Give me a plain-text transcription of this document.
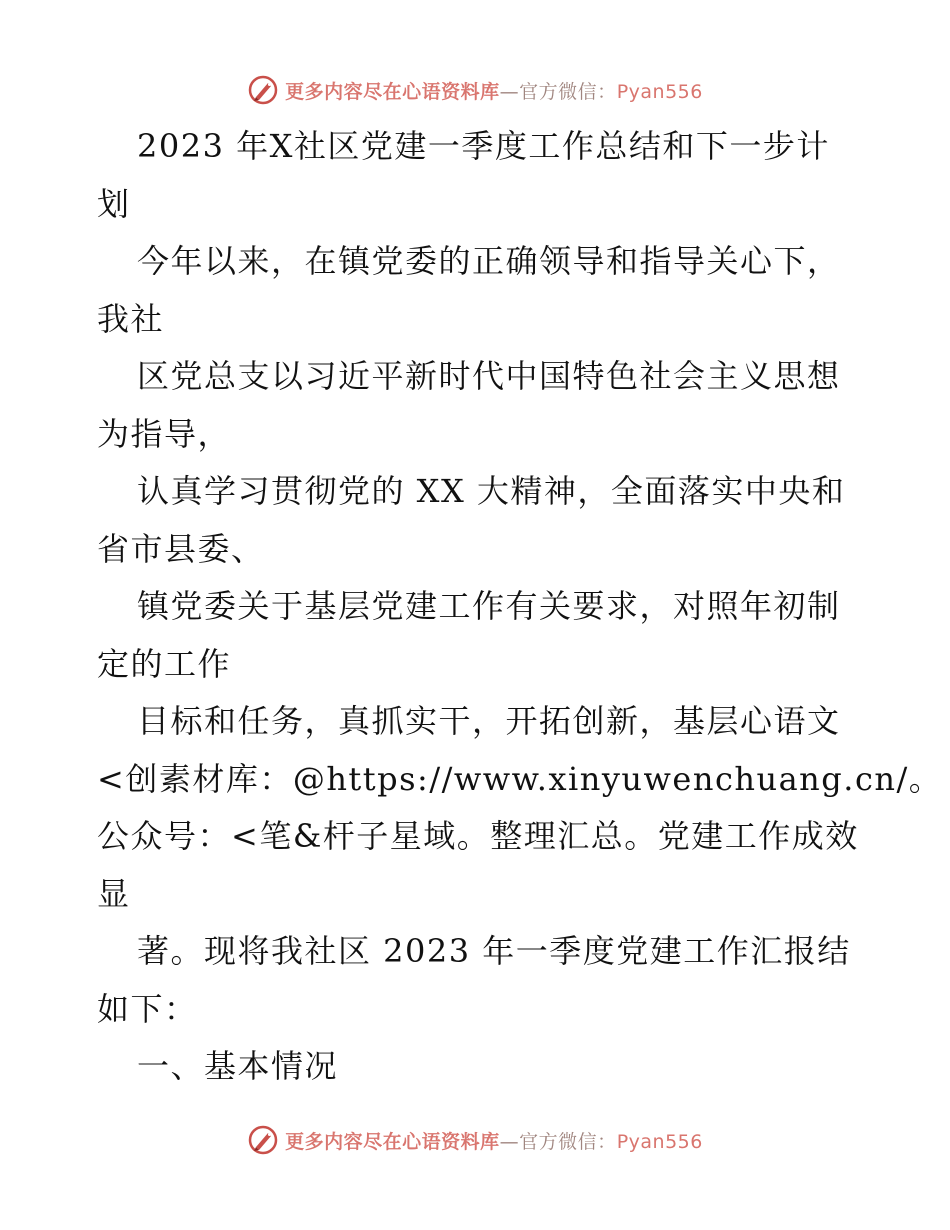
更多内容尽在心语资料库—官方微信：Pyan556
2023 年X社区党建一季度工作总结和下一步计
划
今年以来，在镇党委的正确领导和指导关心下，
我社
区党总支以习近平新时代中国特色社会主义思想
为指导，
认真学习贯彻党的 XX 大精神，全面落实中央和
省市县委、
镇党委关于基层党建工作有关要求，对照年初制
定的工作
目标和任务，真抓实干，开拓创新，基层心语文
<创素材库：@https://www.xinyuwenchuang.cn/。
公众号：<笔&杆子星域。整理汇总。党建工作成效
显
著。现将我社区 2023 年一季度党建工作汇报结
如下：
一、基本情况
更多内容尽在心语资料库—官方微信：Pyan556
